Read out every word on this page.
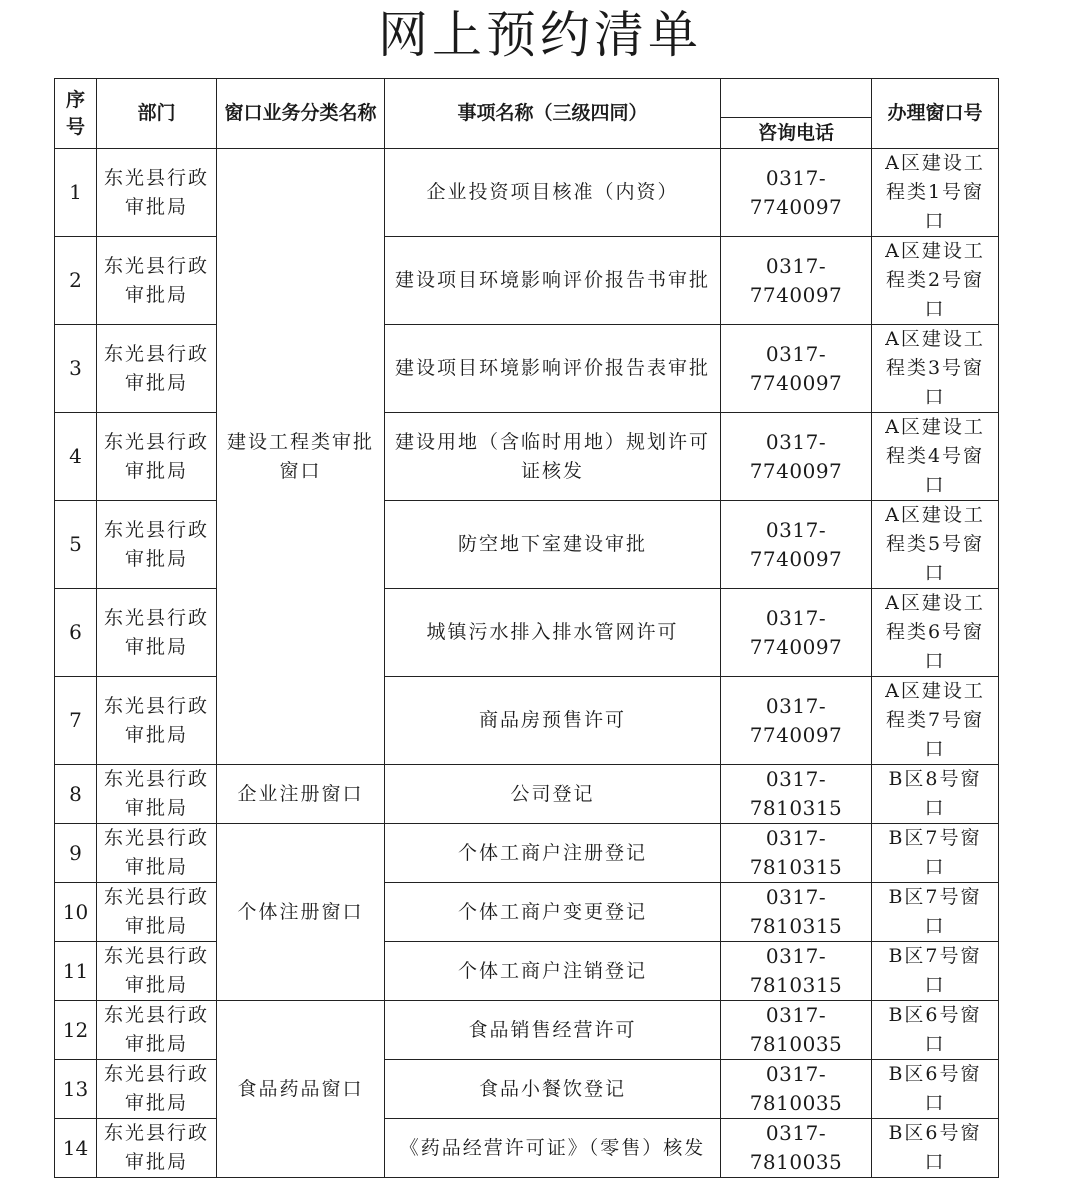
网上预约清单
序号	部门	窗口业务分类名称	事项名称（三级四同）		办理窗口号
				咨询电话	
1	东光县行政审批局	建设工程类审批窗口	企业投资项目核准（内资）	0317-7740097	A区建设工程类1号窗口
2	东光县行政审批局		建设项目环境影响评价报告书审批	0317-7740097	A区建设工程类2号窗口
3	东光县行政审批局		建设项目环境影响评价报告表审批	0317-7740097	A区建设工程类3号窗口
4	东光县行政审批局		建设用地（含临时用地）规划许可证核发	0317-7740097	A区建设工程类4号窗口
5	东光县行政审批局		防空地下室建设审批	0317-7740097	A区建设工程类5号窗口
6	东光县行政审批局		城镇污水排入排水管网许可	0317-7740097	A区建设工程类6号窗口
7	东光县行政审批局		商品房预售许可	0317-7740097	A区建设工程类7号窗口
8	东光县行政审批局	企业注册窗口	公司登记	0317-7810315	B区8号窗口
9	东光县行政审批局	个体注册窗口	个体工商户注册登记	0317-7810315	B区7号窗口
10	东光县行政审批局		个体工商户变更登记	0317-7810315	B区7号窗口
11	东光县行政审批局		个体工商户注销登记	0317-7810315	B区7号窗口
12	东光县行政审批局	食品药品窗口	食品销售经营许可	0317-7810035	B区6号窗口
13	东光县行政审批局		食品小餐饮登记	0317-7810035	B区6号窗口
14	东光县行政审批局		《药品经营许可证》（零售）核发	0317-7810035	B区6号窗口
